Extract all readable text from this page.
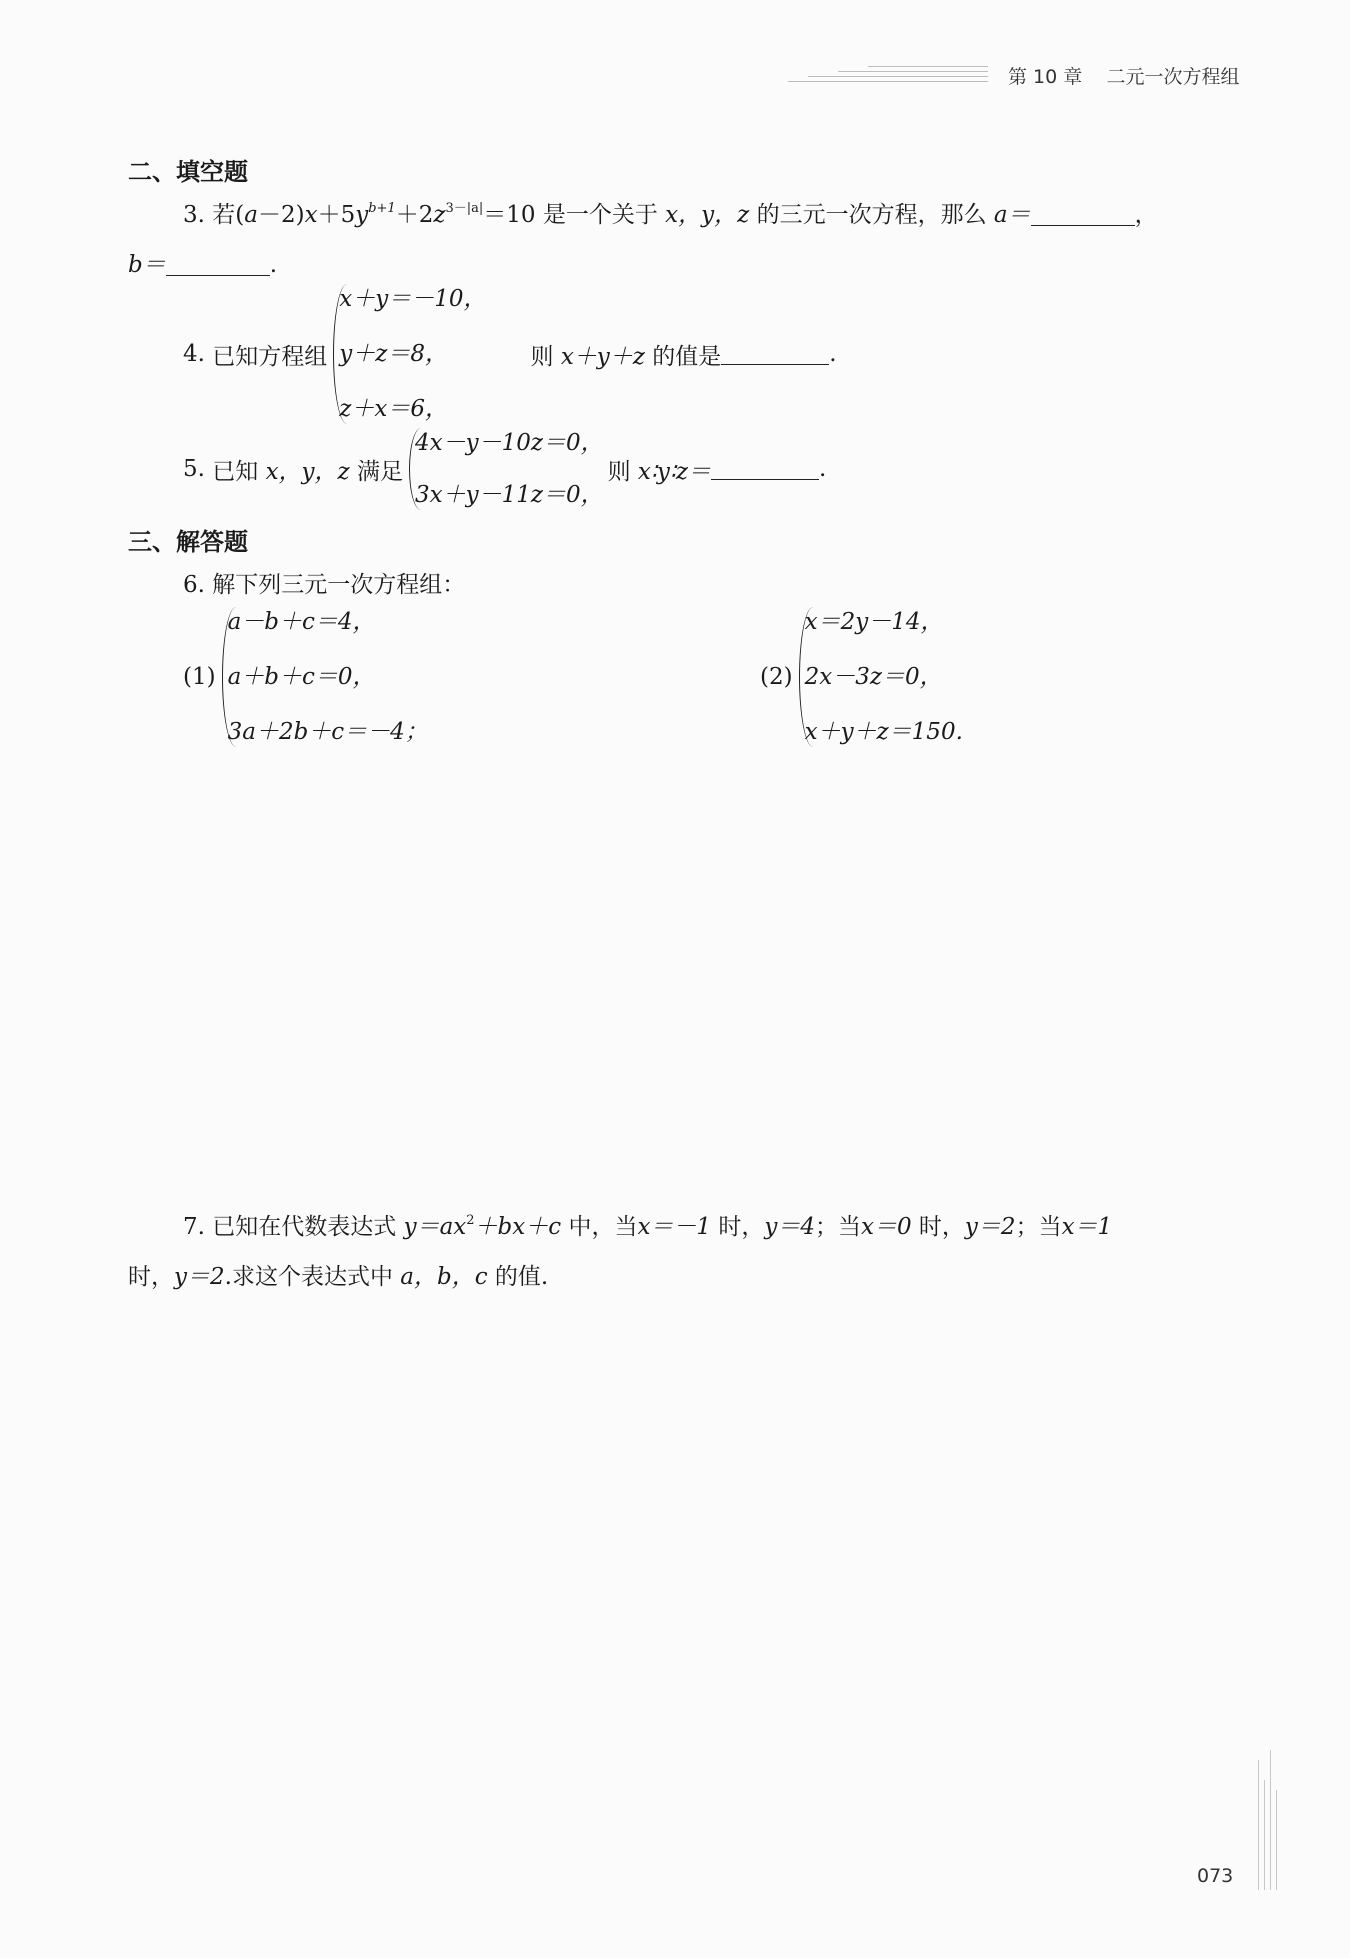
第 10 章 二元一次方程组
二、填空题
3. 若$(a-2)x+5y^{b+1}+2z^{3-|a|}=10$ 是一个关于 x，y，z 的三元一次方程，那么 a＝	，
b＝	.
4.
已知方程组
x＋y＝－10，
y＋z＝8，
z＋x＝6，
则
x＋y＋z
的值是	.
5.
已知
x，y，z
满足
4x－y－10z＝0，
3x＋y－11z＝0，
则
x∶y∶z＝	.
三、解答题
6. 解下列三元一次方程组：
(1)
a－b＋c＝4，
a＋b＋c＝0，
3a＋2b＋c＝－4；
(2)
x＝2y－14，
2x－3z＝0，
x＋y＋z＝150.
7. 已知在代数表达式 $y=ax^2+bx+c$ 中，当x＝－1 时，y＝4；当x＝0 时，y＝2；当x＝1
时，y＝2.求这个表达式中 a，b，c 的值.
073
